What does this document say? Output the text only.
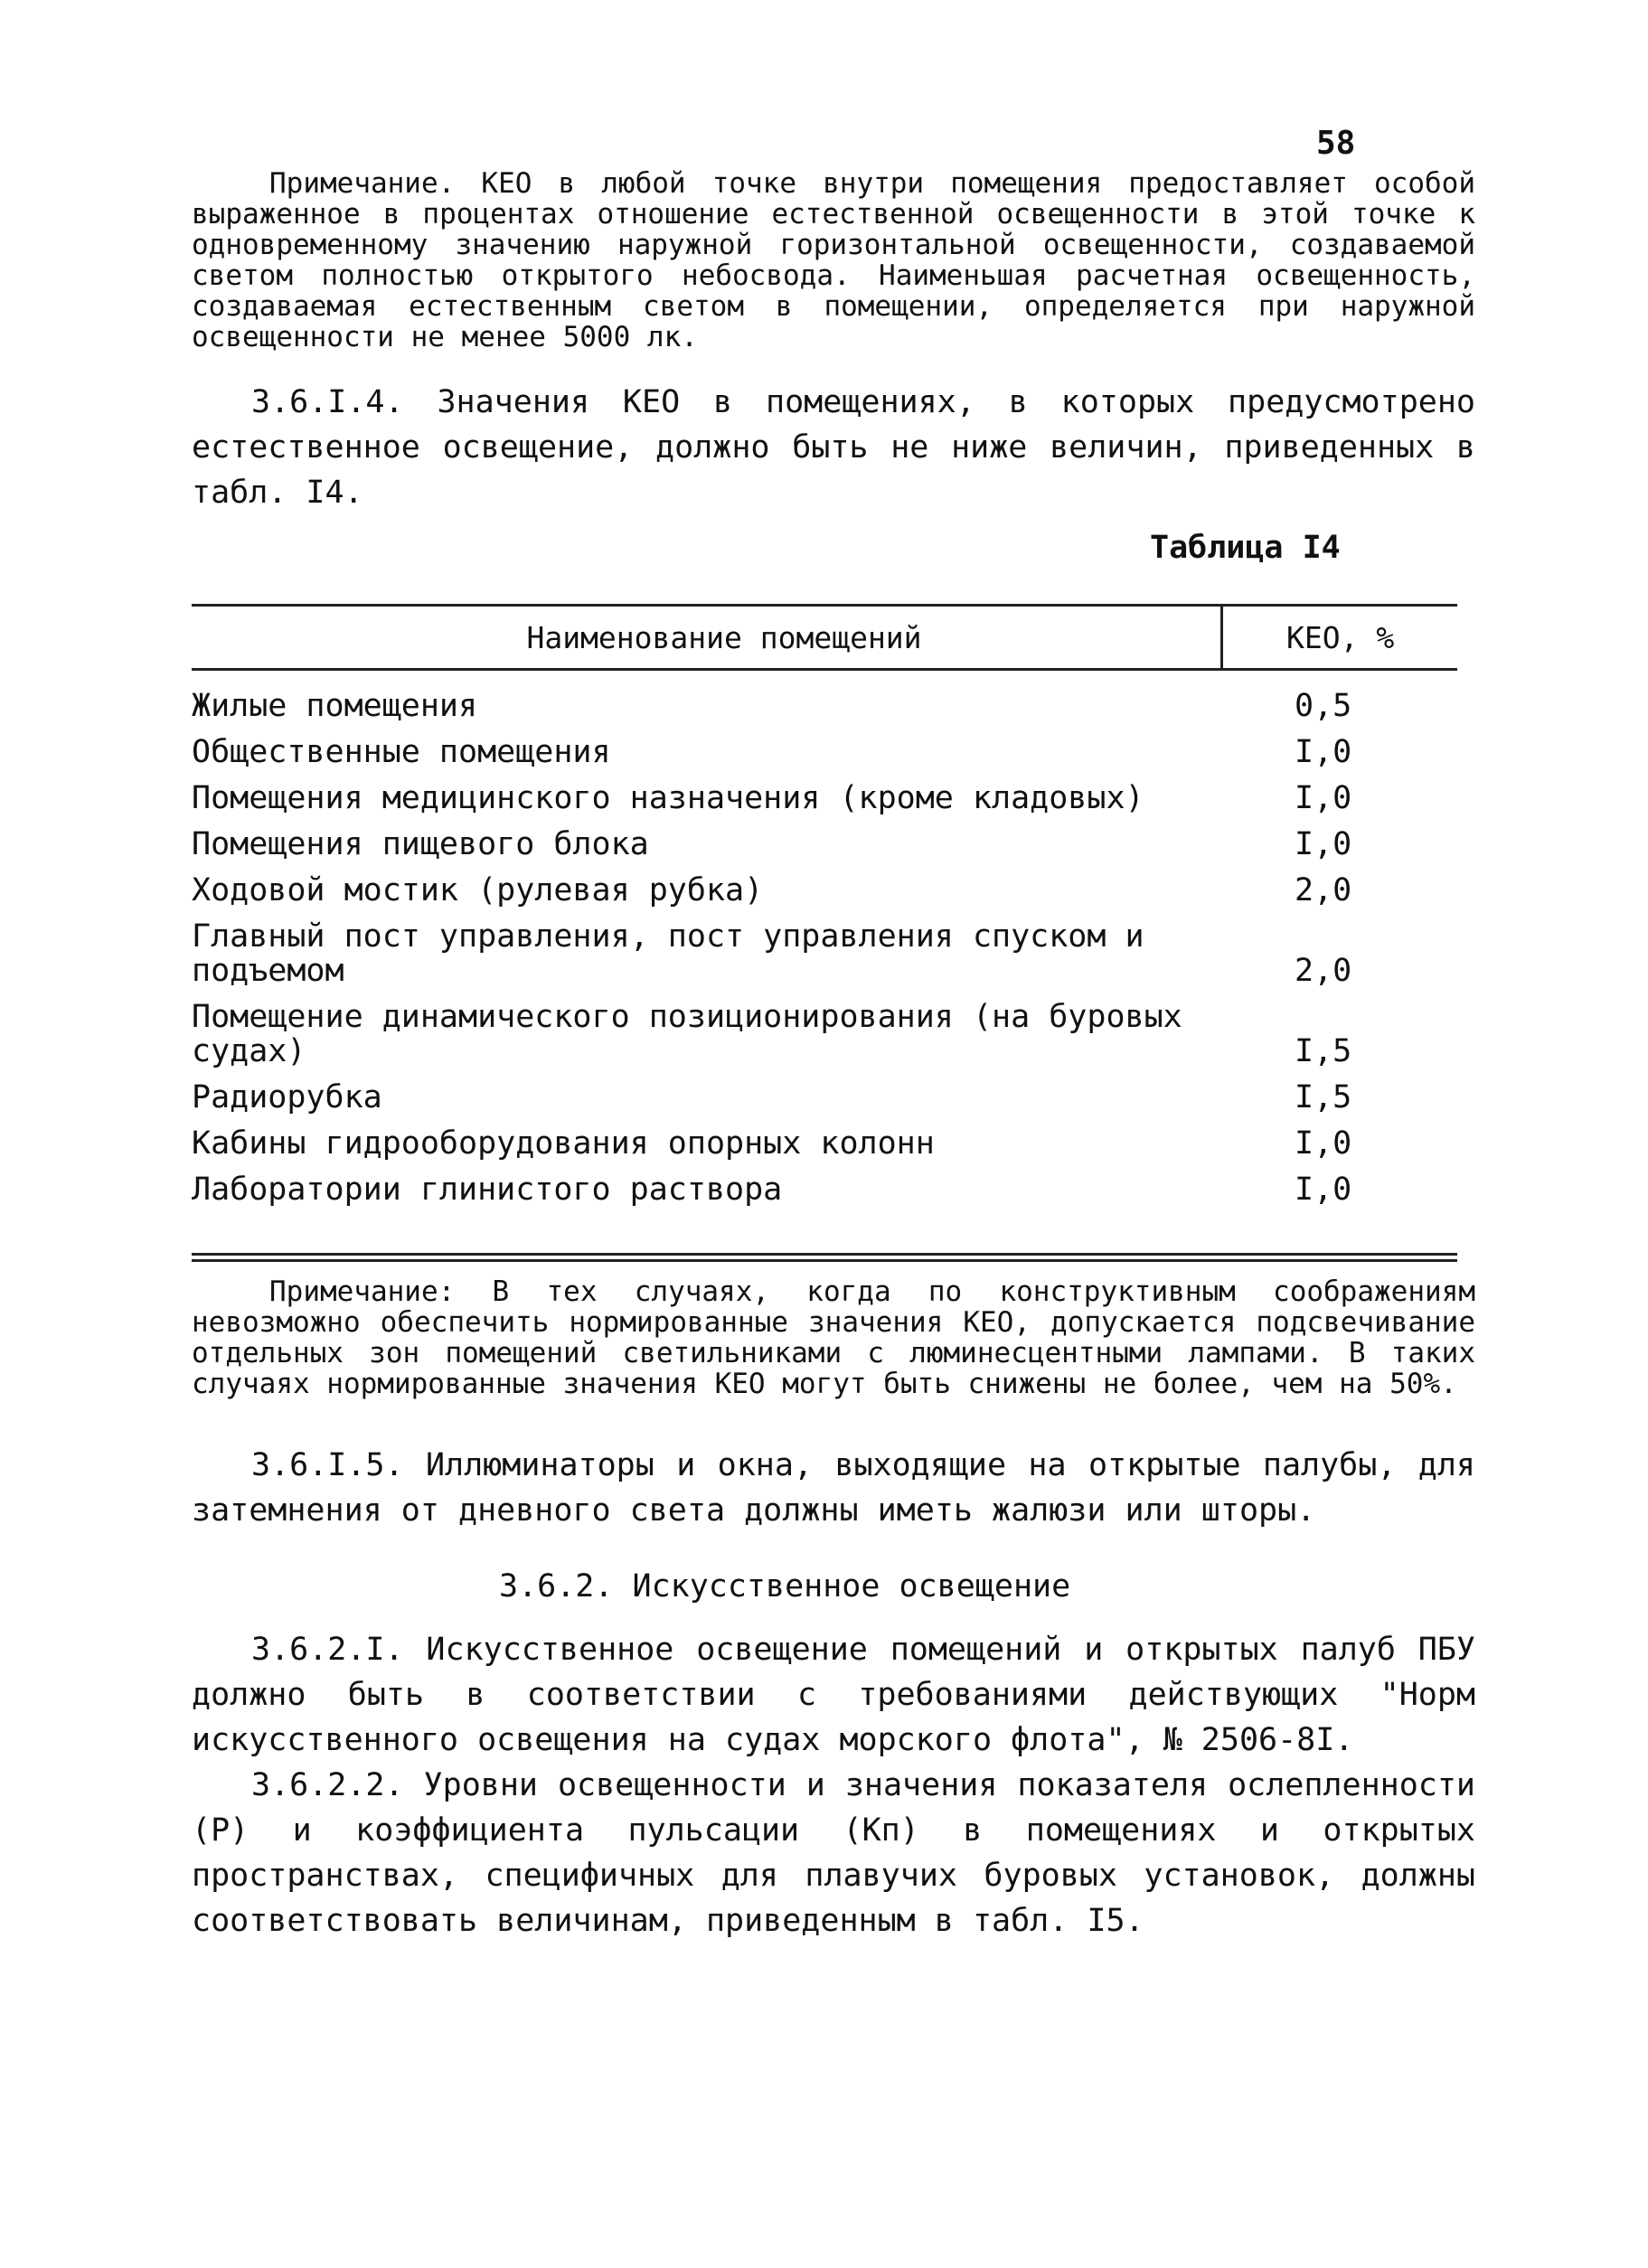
58

Примечание. КЕО в любой точке внутри помещения предоставляет особой выраженное в процентах отношение естественной освещенности в этой точке к одновременному значению наружной горизонтальной освещенности, создаваемой светом полностью открытого небосвода. Наименьшая расчетная освещенность, создаваемая естественным светом в помещении, определяется при наружной освещенности не менее 5000 лк.

3.6.I.4. Значения КЕО в помещениях, в которых предусмотрено естественное освещение, должно быть не ниже величин, приведенных в табл. I4.

Таблица I4
Наименование помещений	КЕО, %
Жилые помещения	0,5
Общественные помещения	I,0
Помещения медицинского назначения (кроме кладовых)	I,0
Помещения пищевого блока	I,0
Ходовой мостик (рулевая рубка)	2,0
Главный пост управления, пост управления спуском и подъемом	2,0
Помещение динамического позиционирования (на буровых судах)	I,5
Радиорубка	I,5
Кабины гидрооборудования опорных колонн	I,0
Лаборатории глинистого раствора	I,0

Примечание: В тех случаях, когда по конструктивным соображениям невозможно обеспечить нормированные значения КЕО, допускается подсвечивание отдельных зон помещений светильниками с люминесцентными лампами. В таких случаях нормированные значения КЕО могут быть снижены не более, чем на 50%.

3.6.I.5. Иллюминаторы и окна, выходящие на открытые палубы, для затемнения от дневного света должны иметь жалюзи или шторы.

3.6.2. Искусственное освещение

3.6.2.I. Искусственное освещение помещений и открытых палуб ПБУ должно быть в соответствии с требованиями действующих "Норм искусственного освещения на судах морского флота", № 2506-8I.

3.6.2.2. Уровни освещенности и значения показателя ослепленности (Р) и коэффициента пульсации (Кп) в помещениях и открытых пространствах, специфичных для плавучих буровых установок, должны соответствовать величинам, приведенным в табл. I5.
